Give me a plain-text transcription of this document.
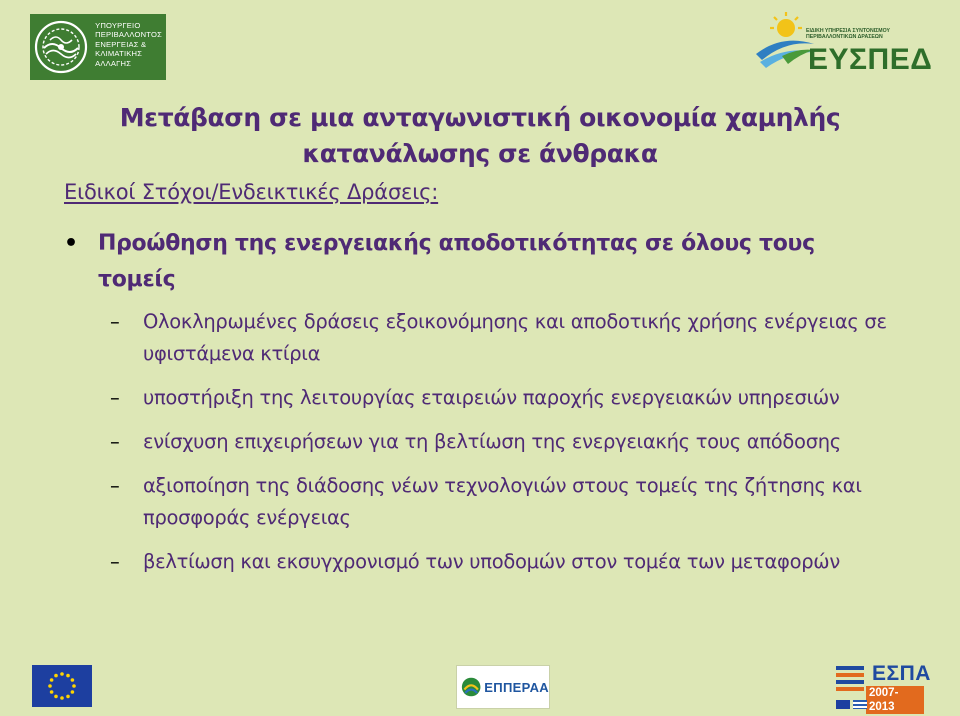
ΥΠΟΥΡΓΕΙΟ
ΠΕΡΙΒΑΛΛΟΝΤΟΣ
ΕΝΕΡΓΕΙΑΣ &
ΚΛΙΜΑΤΙΚΗΣ
ΑΛΛΑΓΗΣ
ΕΙΔΙΚΗ ΥΠΗΡΕΣΙΑ ΣΥΝΤΟΝΙΣΜΟΥ
ΠΕΡΙΒΑΛΛΟΝΤΙΚΩΝ ΔΡΑΣΕΩΝ
ΕΥΣΠΕΔ
Μετάβαση σε μια ανταγωνιστική οικονομία χαμηλής
κατανάλωσης σε άνθρακα
Ειδικοί Στόχοι/Ενδεικτικές Δράσεις:
• Προώθηση της ενεργειακής αποδοτικότητας σε όλους τους τομείς
–	Ολοκληρωμένες δράσεις εξοικονόμησης και αποδοτικής χρήσης ενέργειας σε υφιστάμενα κτίρια
–	υποστήριξη της λειτουργίας εταιρειών παροχής ενεργειακών υπηρεσιών
–	ενίσχυση επιχειρήσεων για τη βελτίωση της ενεργειακής τους απόδοσης
–	αξιοποίηση της διάδοσης νέων τεχνολογιών στους τομείς της ζήτησης και προσφοράς ενέργειας
–	βελτίωση και εκσυγχρονισμό των υποδομών στον τομέα των μεταφορών
ΕΠΠΕΡΑΑ
ΕΣΠΑ
2007-2013
